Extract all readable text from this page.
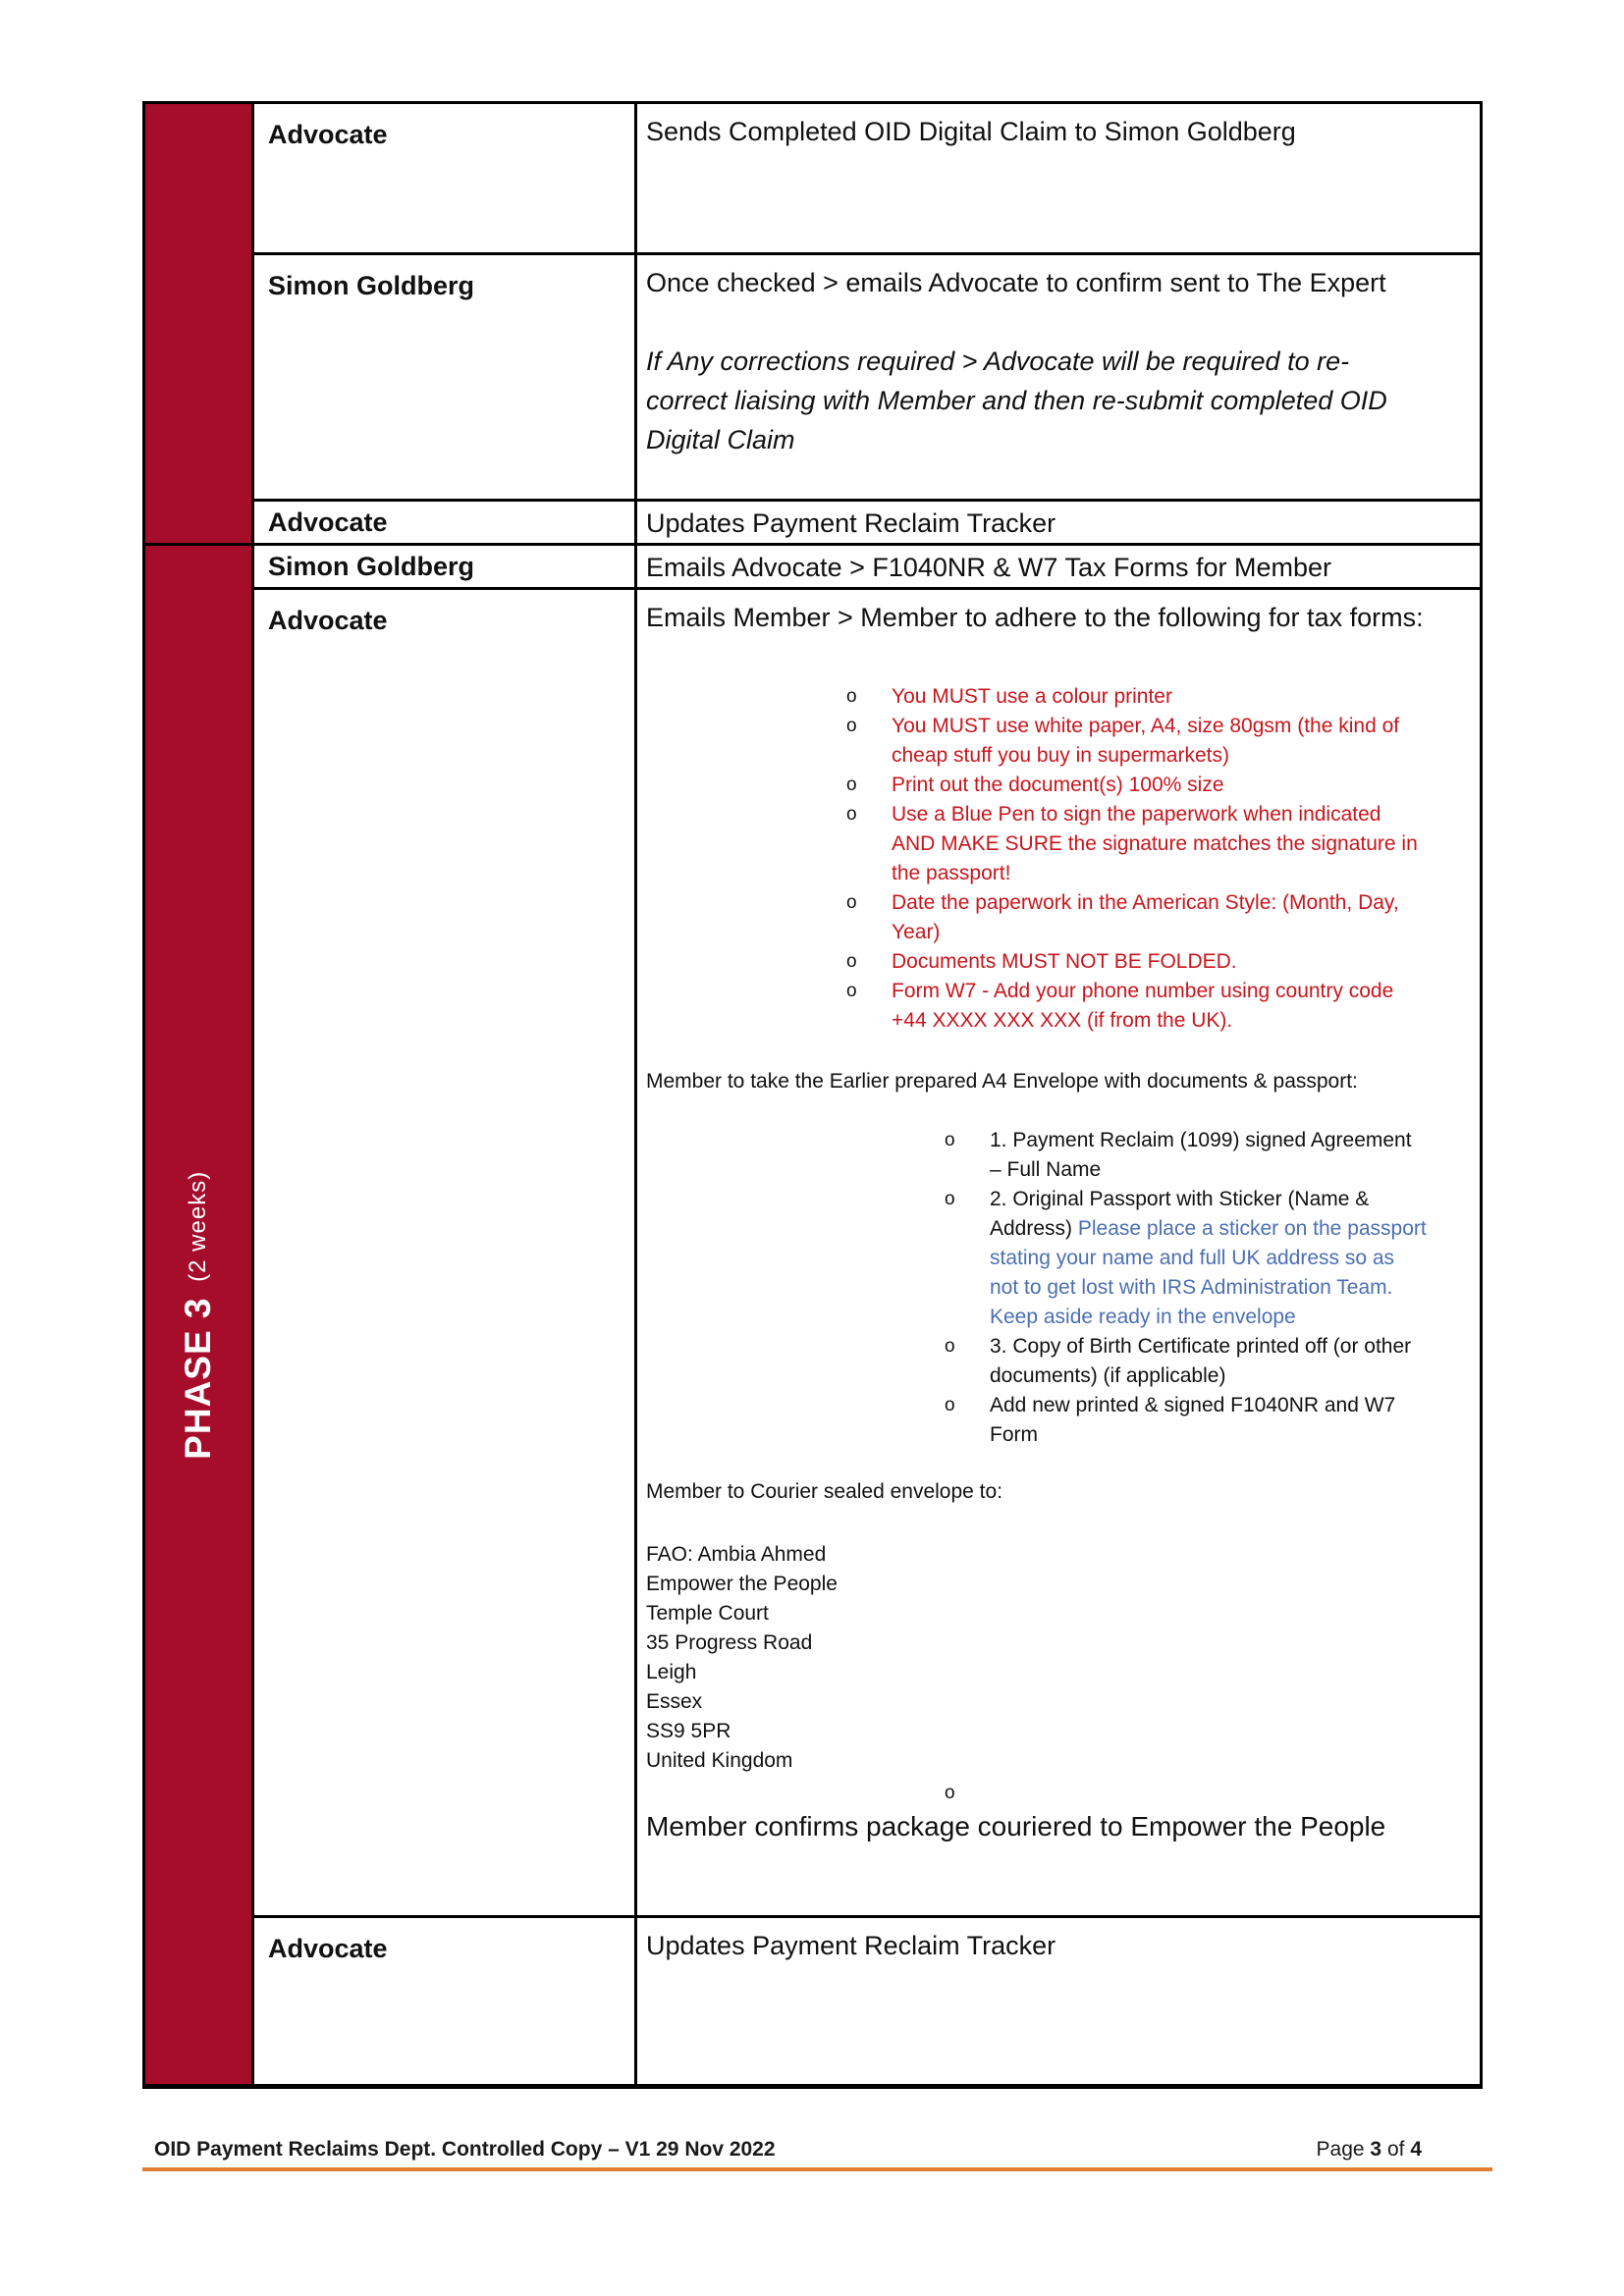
PHASE 3 (2 weeks)
Advocate	Sends Completed OID Digital Claim to Simon Goldberg

Simon Goldberg	Once checked > emails Advocate to confirm sent to The Expert

If Any corrections required > Advocate will be required to re-correct liaising with Member and then re-submit completed OID Digital Claim

Advocate	Updates Payment Reclaim Tracker

Simon Goldberg	Emails Advocate > F1040NR & W7 Tax Forms for Member

Advocate	Emails Member > Member to adhere to the following for tax forms:

o	You MUST use a colour printer
o	You MUST use white paper, A4, size 80gsm (the kind of cheap stuff you buy in supermarkets)
o	Print out the document(s) 100% size
o	Use a Blue Pen to sign the paperwork when indicated AND MAKE SURE the signature matches the signature in the passport!
o	Date the paperwork in the American Style: (Month, Day, Year)
o	Documents MUST NOT BE FOLDED.
o	Form W7 - Add your phone number using country code +44 XXXX XXX XXX (if from the UK).

Member to take the Earlier prepared A4 Envelope with documents & passport:

o	1. Payment Reclaim (1099) signed Agreement – Full Name
o	2. Original Passport with Sticker (Name & Address) Please place a sticker on the passport stating your name and full UK address so as not to get lost with IRS Administration Team. Keep aside ready in the envelope
o	3. Copy of Birth Certificate printed off (or other documents) (if applicable)
o	Add new printed & signed F1040NR and W7 Form

Member to Courier sealed envelope to:

FAO: Ambia Ahmed

Empower the People

Temple Court

35 Progress Road

Leigh

Essex

SS9 5PR

United Kingdom

o

Member confirms package couriered to Empower the People

Advocate	Updates Payment Reclaim Tracker

OID Payment Reclaims Dept. Controlled Copy – V1 29 Nov 2022	Page 3 of 4
